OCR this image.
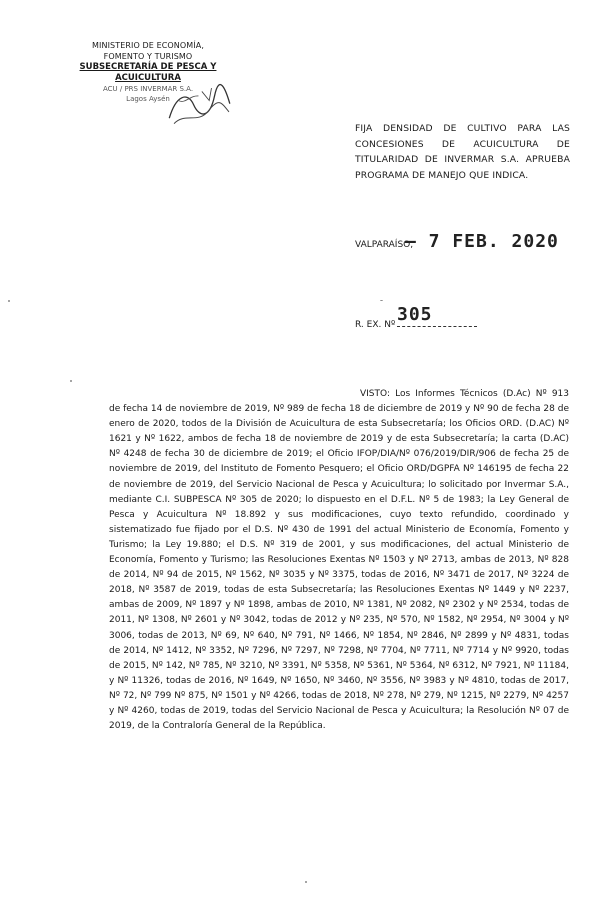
MINISTERIO DE ECONOMÍA,
FOMENTO Y TURISMO
SUBSECRETARÍA DE PESCA Y ACUICULTURA
ACU / PRS INVERMAR S.A.
Lagos Aysén
FIJA DENSIDAD DE CULTIVO PARA LAS CONCESIONES DE ACUICULTURA DE TITULARIDAD DE INVERMAR S.A. APRUEBA PROGRAMA DE MANEJO QUE INDICA.
VALPARAÍSO,
– 7 FEB. 2020
R. EX. Nº 305

VISTO: Los Informes Técnicos (D.Ac) Nº 913 de fecha 14 de noviembre de 2019, Nº 989 de fecha 18 de diciembre de 2019 y Nº 90 de fecha 28 de enero de 2020, todos de la División de Acuicultura de esta Subsecretaría; los Oficios ORD. (D.AC) Nº 1621 y Nº 1622, ambos de fecha 18 de noviembre de 2019 y de esta Subsecretaría; la carta (D.AC) Nº 4248 de fecha 30 de diciembre de 2019; el Oficio IFOP/DIA/Nº 076/2019/DIR/906 de fecha 25 de noviembre de 2019, del Instituto de Fomento Pesquero; el Oficio ORD/DGPFA Nº 146195 de fecha 22 de noviembre de 2019, del Servicio Nacional de Pesca y Acuicultura; lo solicitado por Invermar S.A., mediante C.I. SUBPESCA Nº 305 de 2020; lo dispuesto en el D.F.L. Nº 5 de 1983; la Ley General de Pesca y Acuicultura Nº 18.892 y sus modificaciones, cuyo texto refundido, coordinado y sistematizado fue fijado por el D.S. Nº 430 de 1991 del actual Ministerio de Economía, Fomento y Turismo; la Ley 19.880; el D.S. Nº 319 de 2001, y sus modificaciones, del actual Ministerio de Economía, Fomento y Turismo; las Resoluciones Exentas Nº 1503 y Nº 2713, ambas de 2013, Nº 828 de 2014, Nº 94 de 2015, Nº 1562, Nº 3035 y Nº 3375, todas de 2016, Nº 3471 de 2017, Nº 3224 de 2018, Nº 3587 de 2019, todas de esta Subsecretaría; las Resoluciones Exentas Nº 1449 y Nº 2237, ambas de 2009, Nº 1897 y Nº 1898, ambas de 2010, Nº 1381, Nº 2082, Nº 2302 y Nº 2534, todas de 2011, Nº 1308, Nº 2601 y Nº 3042, todas de 2012 y Nº 235, Nº 570, Nº 1582, Nº 2954, Nº 3004 y Nº 3006, todas de 2013, Nº 69, Nº 640, Nº 791, Nº 1466, Nº 1854, Nº 2846, Nº 2899 y Nº 4831, todas de 2014, Nº 1412, Nº 3352, Nº 7296, Nº 7297, Nº 7298, Nº 7704, Nº 7711, Nº 7714 y Nº 9920, todas de 2015, Nº 142, Nº 785, Nº 3210, Nº 3391, Nº 5358, Nº 5361, Nº 5364, Nº 6312, Nº 7921, Nº 11184, y Nº 11326, todas de 2016, Nº 1649, Nº 1650, Nº 3460, Nº 3556, Nº 3983 y Nº 4810, todas de 2017, Nº 72, Nº 799 Nº 875, Nº 1501 y Nº 4266, todas de 2018, Nº 278, Nº 279, Nº 1215, Nº 2279, Nº 4257 y Nº 4260, todas de 2019, todas del Servicio Nacional de Pesca y Acuicultura; la Resolución Nº 07 de 2019, de la Contraloría General de la República.
